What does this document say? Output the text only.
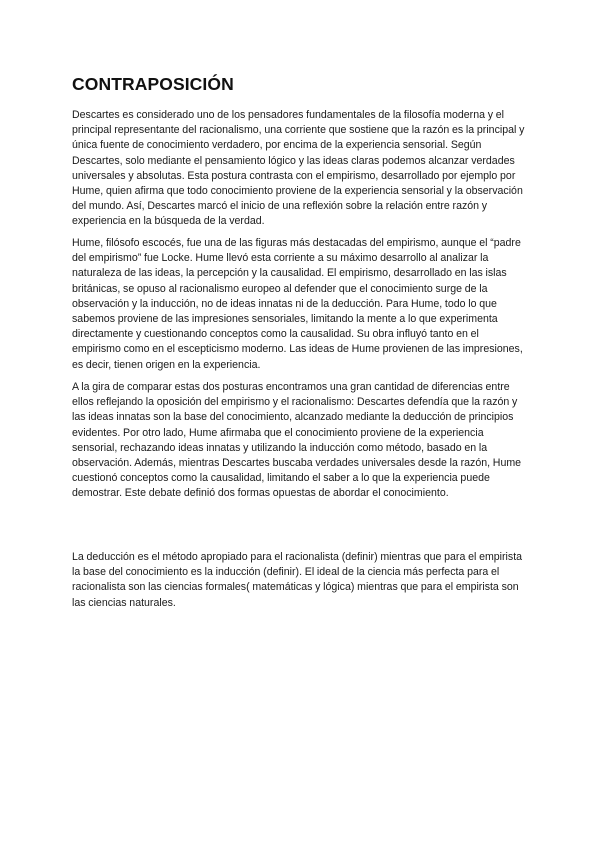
CONTRAPOSICIÓN

Descartes es considerado uno de los pensadores fundamentales de la filosofía moderna y el principal representante del racionalismo, una corriente que sostiene que la razón es la principal y única fuente de conocimiento verdadero, por encima de la experiencia sensorial. Según Descartes, solo mediante el pensamiento lógico y las ideas claras podemos alcanzar verdades universales y absolutas. Esta postura contrasta con el empirismo, desarrollado por ejemplo por Hume, quien afirma que todo conocimiento proviene de la experiencia sensorial y la observación del mundo. Así, Descartes marcó el inicio de una reflexión sobre la relación entre razón y experiencia en la búsqueda de la verdad.

Hume, filósofo escocés, fue una de las figuras más destacadas del empirismo, aunque el “padre del empirismo” fue Locke. Hume llevó esta corriente a su máximo desarrollo al analizar la naturaleza de las ideas, la percepción y la causalidad. El empirismo, desarrollado en las islas británicas, se opuso al racionalismo europeo al defender que el conocimiento surge de la observación y la inducción, no de ideas innatas ni de la deducción. Para Hume, todo lo que sabemos proviene de las impresiones sensoriales, limitando la mente a lo que experimenta directamente y cuestionando conceptos como la causalidad. Su obra influyó tanto en el empirismo como en el escepticismo moderno. Las ideas de Hume provienen de las impresiones, es decir, tienen origen en la experiencia.

A la gira de comparar estas dos posturas encontramos una gran cantidad de diferencias entre ellos reflejando la oposición del empirismo y el racionalismo: Descartes defendía que la razón y las ideas innatas son la base del conocimiento, alcanzado mediante la deducción de principios evidentes. Por otro lado, Hume afirmaba que el conocimiento proviene de la experiencia sensorial, rechazando ideas innatas y utilizando la inducción como método, basado en la observación. Además, mientras Descartes buscaba verdades universales desde la razón, Hume cuestionó conceptos como la causalidad, limitando el saber a lo que la experiencia puede demostrar. Este debate definió dos formas opuestas de abordar el conocimiento.

La deducción es el método apropiado para el racionalista (definir) mientras que para el empirista la base del conocimiento es la inducción (definir). El ideal de la ciencia más perfecta para el racionalista son las ciencias formales( matemáticas y lógica) mientras que para el empirista son las ciencias naturales.
